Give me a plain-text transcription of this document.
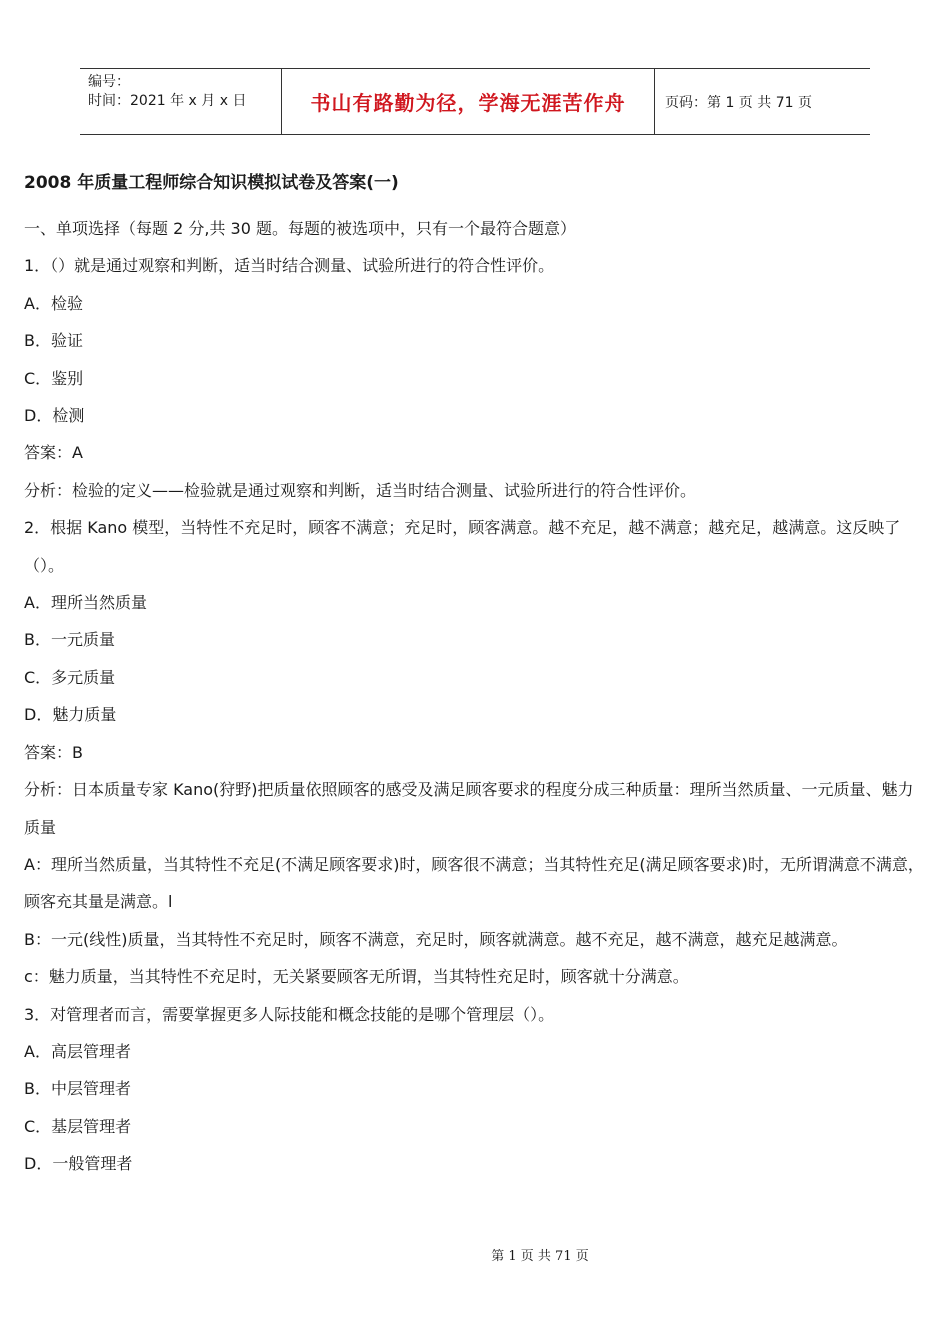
编号：
时间：2021 年 x 月 x 日	书山有路勤为径，学海无涯苦作舟	页码：第 1 页 共 71 页
2008 年质量工程师综合知识模拟试卷及答案(一)
一、单项选择（每题 2 分,共 30 题。每题的被选项中，只有一个最符合题意）
1．（）就是通过观察和判断，适当时结合测量、试验所进行的符合性评价。
A．检验
B．验证
C．鉴别
D．检测
答案：A
分析：检验的定义——检验就是通过观察和判断，适当时结合测量、试验所进行的符合性评价。
2．根据 Kano 模型，当特性不充足时，顾客不满意；充足时，顾客满意。越不充足，越不满意；越充足，越满意。这反映了（）。
A．理所当然质量
B．一元质量
C．多元质量
D．魅力质量
答案：B
分析：日本质量专家 Kano(狩野)把质量依照顾客的感受及满足顾客要求的程度分成三种质量：理所当然质量、一元质量、魅力质量
A：理所当然质量，当其特性不充足(不满足顾客要求)时，顾客很不满意；当其特性充足(满足顾客要求)时，无所谓满意不满意，顾客充其量是满意。l
B：一元(线性)质量，当其特性不充足时，顾客不满意，充足时，顾客就满意。越不充足，越不满意，越充足越满意。
c：魅力质量，当其特性不充足时，无关紧要顾客无所谓，当其特性充足时，顾客就十分满意。
3．对管理者而言，需要掌握更多人际技能和概念技能的是哪个管理层（）。
A．高层管理者
B．中层管理者
C．基层管理者
D．一般管理者
第 1 页 共 71 页
